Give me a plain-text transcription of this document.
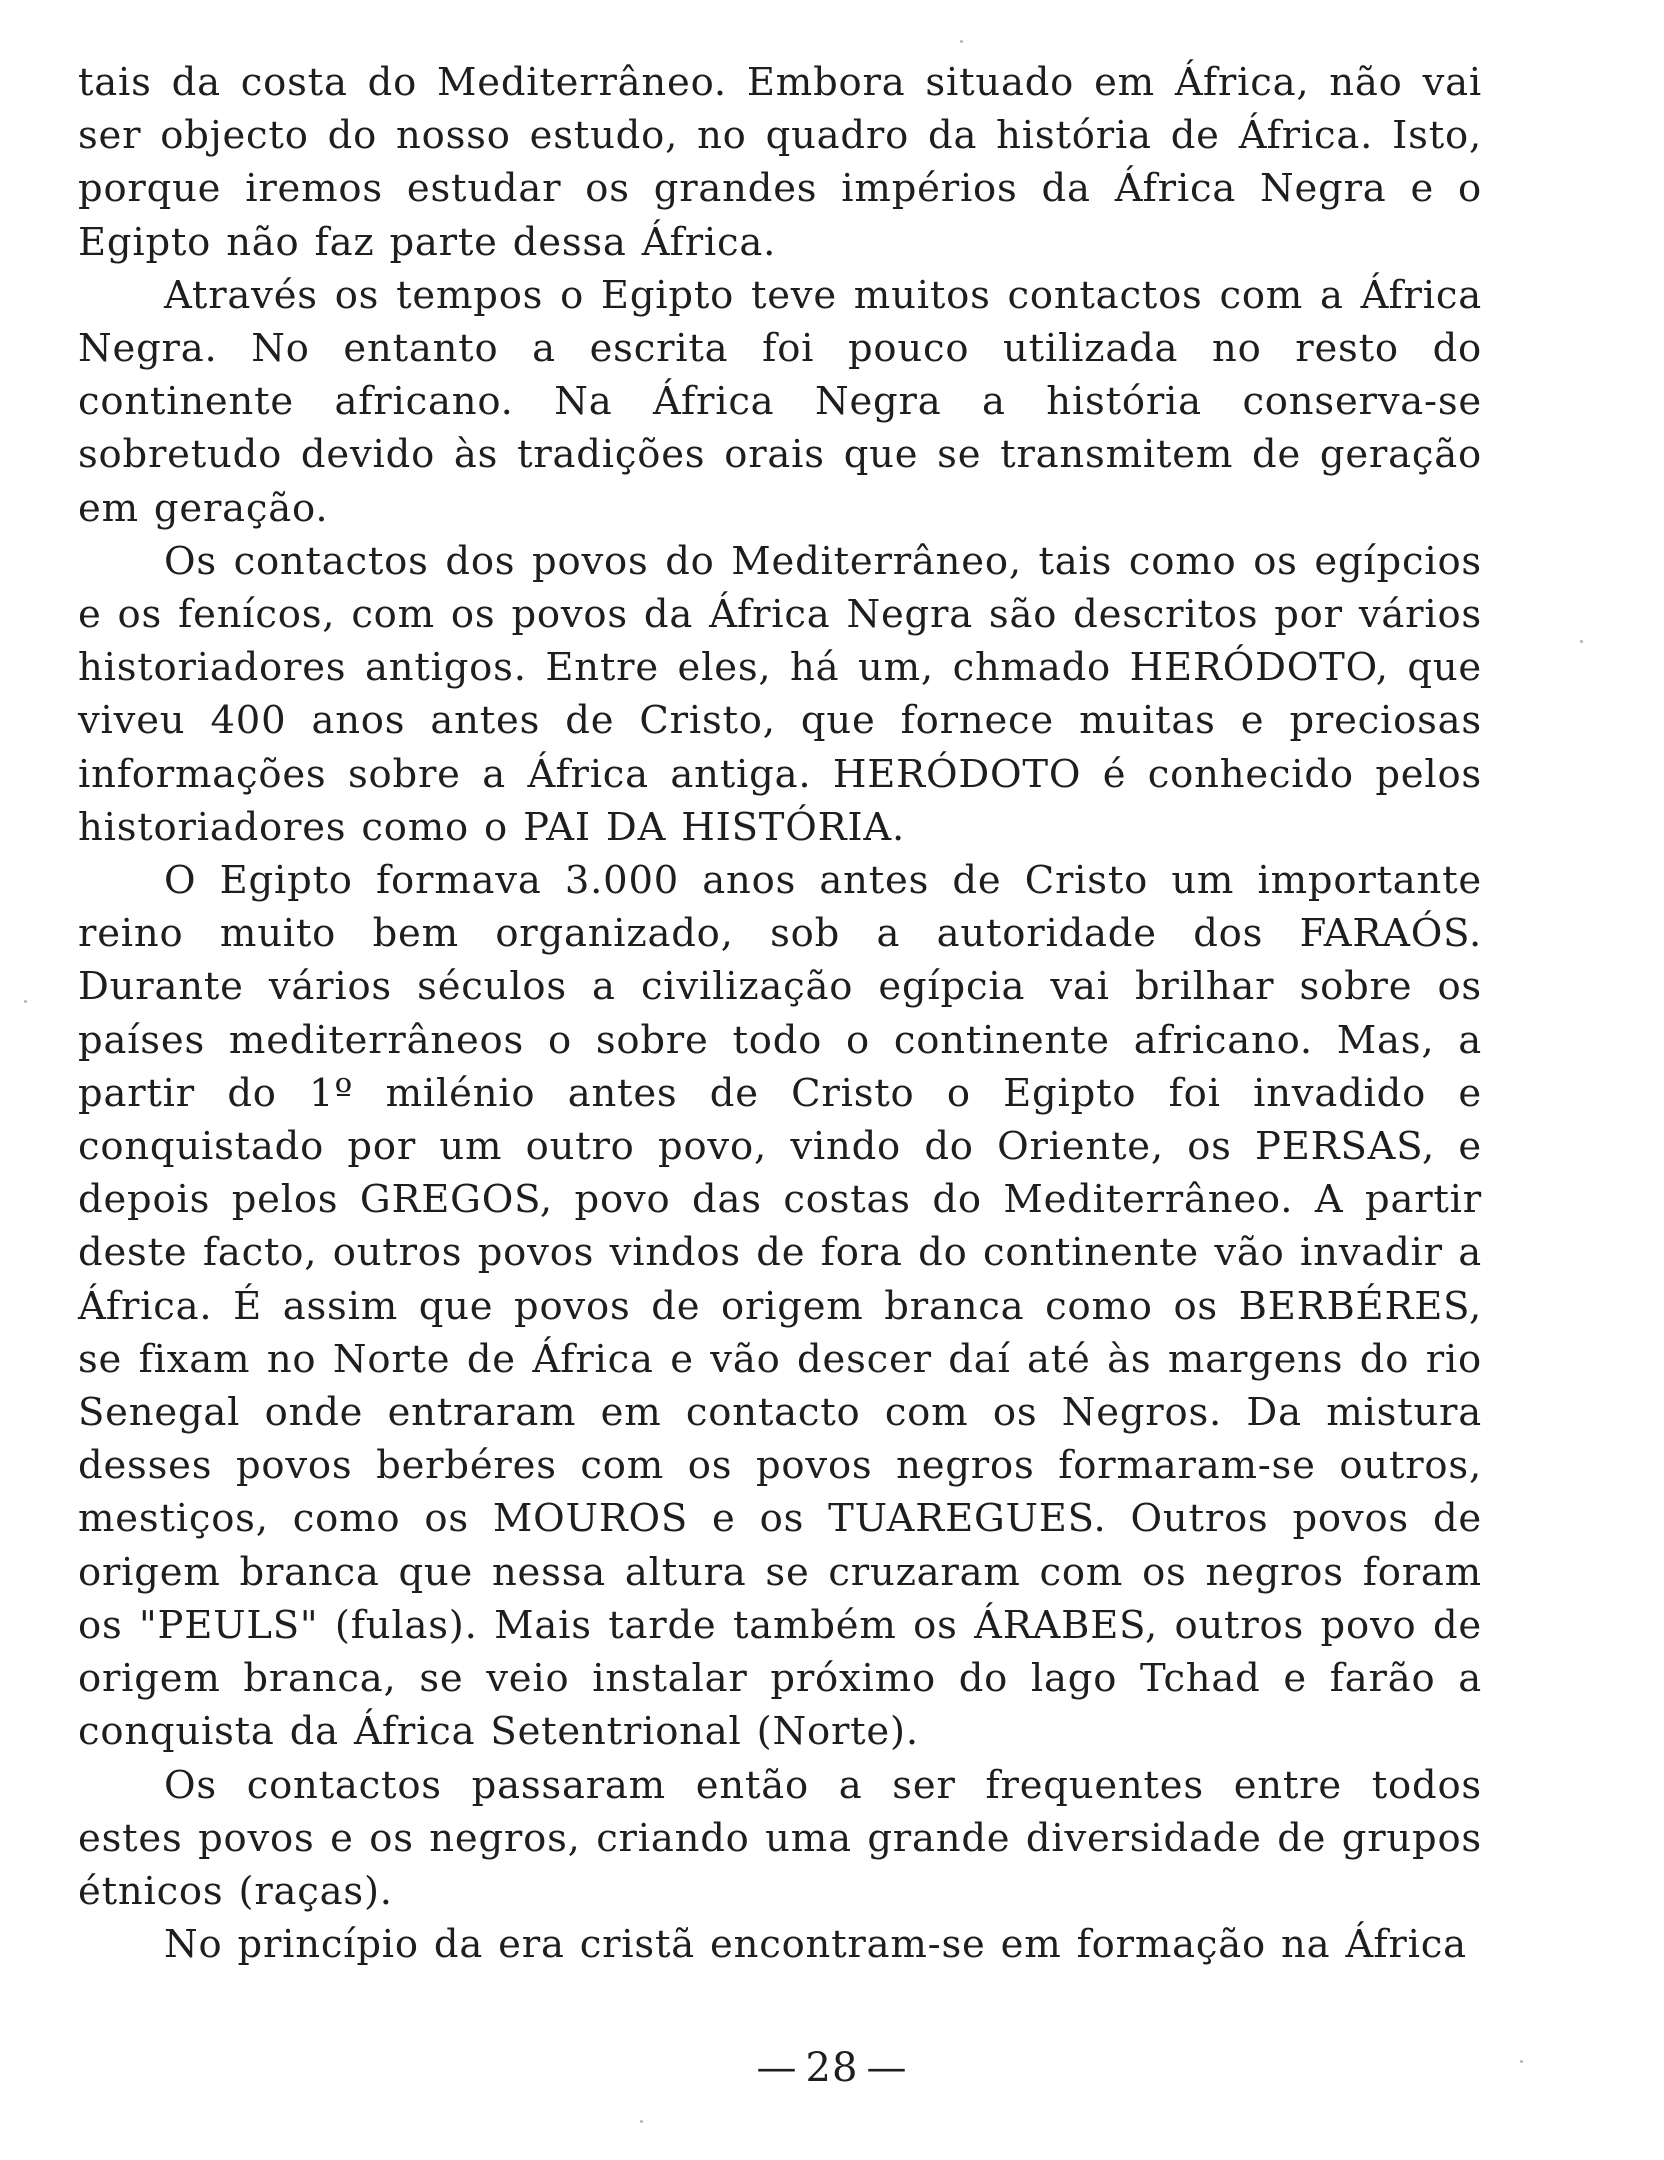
tais da costa do Mediterrâneo. Embora situado em África, não vai ser objecto do nosso estudo, no quadro da história de África. Isto, porque iremos estudar os grandes impérios da África Negra e o Egipto não faz parte dessa África.

Através os tempos o Egipto teve muitos contactos com a África Negra. No entanto a escrita foi pouco utilizada no resto do continente africano. Na África Negra a história conserva-se sobretudo devido às tradições orais que se transmitem de geração em geração.

Os contactos dos povos do Mediterrâneo, tais como os egípcios e os fenícos, com os povos da África Negra são descritos por vários historiadores antigos. Entre eles, há um, chmado HERÓDOTO, que viveu 400 anos antes de Cristo, que fornece muitas e preciosas informações sobre a África antiga. HERÓDOTO é conhecido pelos historiadores como o PAI DA HISTÓRIA.

O Egipto formava 3.000 anos antes de Cristo um importante reino muito bem organizado, sob a autoridade dos FARAÓS. Durante vários séculos a civilização egípcia vai brilhar sobre os países mediterrâneos o sobre todo o continente africano. Mas, a partir do 1º milénio antes de Cristo o Egipto foi invadido e conquistado por um outro povo, vindo do Oriente, os PERSAS, e depois pelos GREGOS, povo das costas do Mediterrâneo. A partir deste facto, outros povos vindos de fora do continente vão invadir a África. É assim que povos de origem branca como os BERBÉRES, se fixam no Norte de África e vão descer daí até às margens do rio Senegal onde entraram em contacto com os Negros. Da mistura desses povos berbéres com os povos negros formaram-se outros, mestiços, como os MOUROS e os TUAREGUES. Outros povos de origem branca que nessa altura se cruzaram com os negros foram os "PEULS" (fulas). Mais tarde também os ÁRABES, outros povo de origem branca, se veio instalar próximo do lago Tchad e farão a conquista da África Setentrional (Norte).

Os contactos passaram então a ser frequentes entre todos estes povos e os negros, criando uma grande diversidade de grupos étnicos (raças).

No princípio da era cristã encontram-se em formação na África

— 28 —
